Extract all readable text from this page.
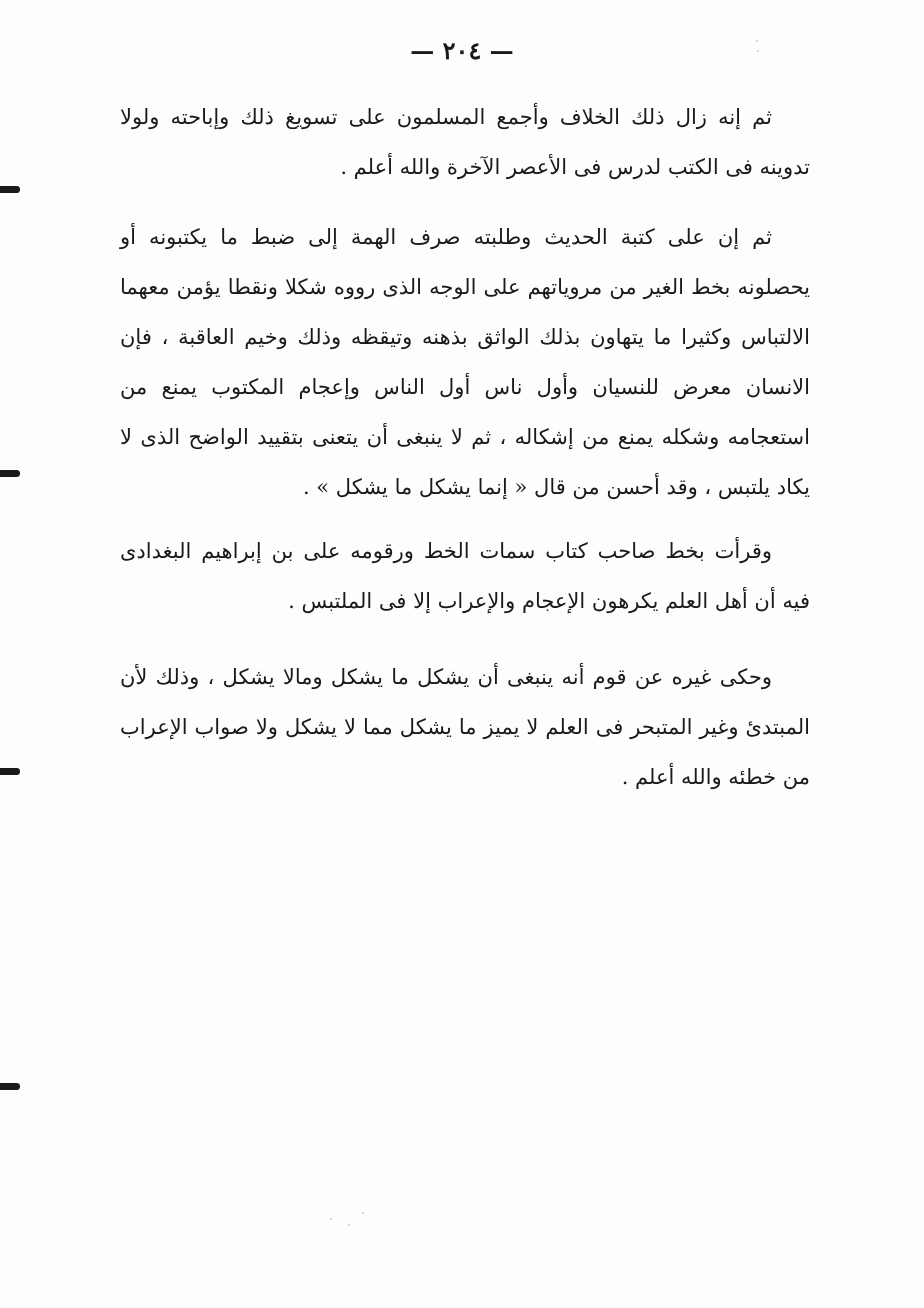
— ٢٠٤ —

ثم إنه زال ذلك الخلاف وأجمع المسلمون على تسويغ ذلك وإباحته ولولا تدوينه فى الكتب لدرس فى الأعصر الآخرة والله أعلم .

ثم إن على كتبة الحديث وطلبته صرف الهمة إلى ضبط ما يكتبونه أو يحصلونه بخط الغير من مروياتهم على الوجه الذى رووه شكلا ونقطا يؤمن معهما الالتباس وكثيرا ما يتهاون بذلك الواثق بذهنه وتيقظه وذلك وخيم العاقبة ، فإن الانسان معرض للنسيان وأول ناس أول الناس وإعجام المكتوب يمنع من استعجامه وشكله يمنع من إشكاله ، ثم لا ينبغى أن يتعنى بتقييد الواضح الذى لا يكاد يلتبس ، وقد أحسن من قال « إنما يشكل ما يشكل » .

وقرأت بخط صاحب كتاب سمات الخط ورقومه على بن إبراهيم البغدادى فيه أن أهل العلم يكرهون الإعجام والإعراب إلا فى الملتبس .

وحكى غيره عن قوم أنه ينبغى أن يشكل ما يشكل ومالا يشكل ، وذلك لأن المبتدئ وغير المتبحر فى العلم لا يميز ما يشكل مما لا يشكل ولا صواب الإعراب من خطئه والله أعلم .
